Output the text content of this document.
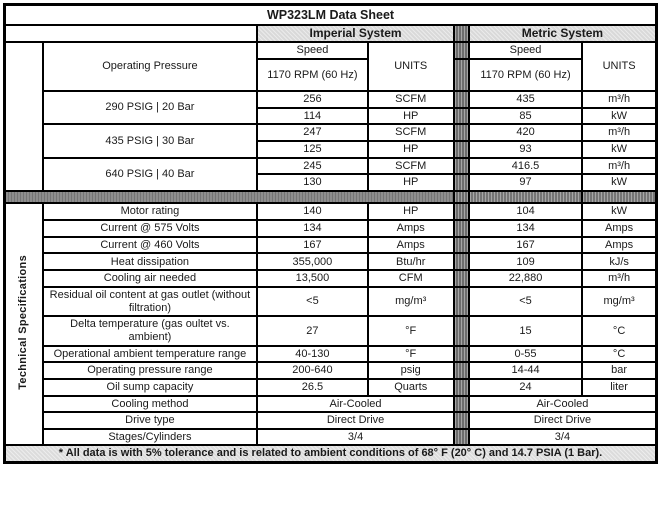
WP323LM Data Sheet						
		Imperial System			Metric System	
	Operating Pressure	Speed	UNITS		Speed	UNITS
		1170 RPM (60 Hz)			1170 RPM (60 Hz)	
	290 PSIG | 20 Bar	256	SCFM		435	m³/h
		114	HP		85	kW
	435 PSIG | 30 Bar	247	SCFM		420	m³/h
		125	HP		93	kW
	640 PSIG | 40 Bar	245	SCFM		416.5	m³/h
		130	HP		97	kW

Technical Specifications	Motor rating	140	HP		104	kW
	Current @ 575 Volts	134	Amps		134	Amps
	Current @ 460 Volts	167	Amps		167	Amps
	Heat dissipation	355,000	Btu/hr		109	kJ/s
	Cooling air needed	13,500	CFM		22,880	m³/h
	Residual oil content at gas outlet (without filtration)	<5	mg/m³		<5	mg/m³
	Delta temperature (gas oultet vs. ambient)	27	°F		15	°C
	Operational ambient temperature range	40-130	°F		0-55	°C
	Operating pressure range	200-640	psig		14-44	bar
	Oil sump capacity	26.5	Quarts		24	liter
	Cooling method	Air-Cooled			Air-Cooled	
	Drive type	Direct Drive			Direct Drive	
	Stages/Cylinders	3/4			3/4	
* All data is with 5% tolerance and is related to ambient conditions of 68° F (20° C) and 14.7 PSIA (1 Bar).						
